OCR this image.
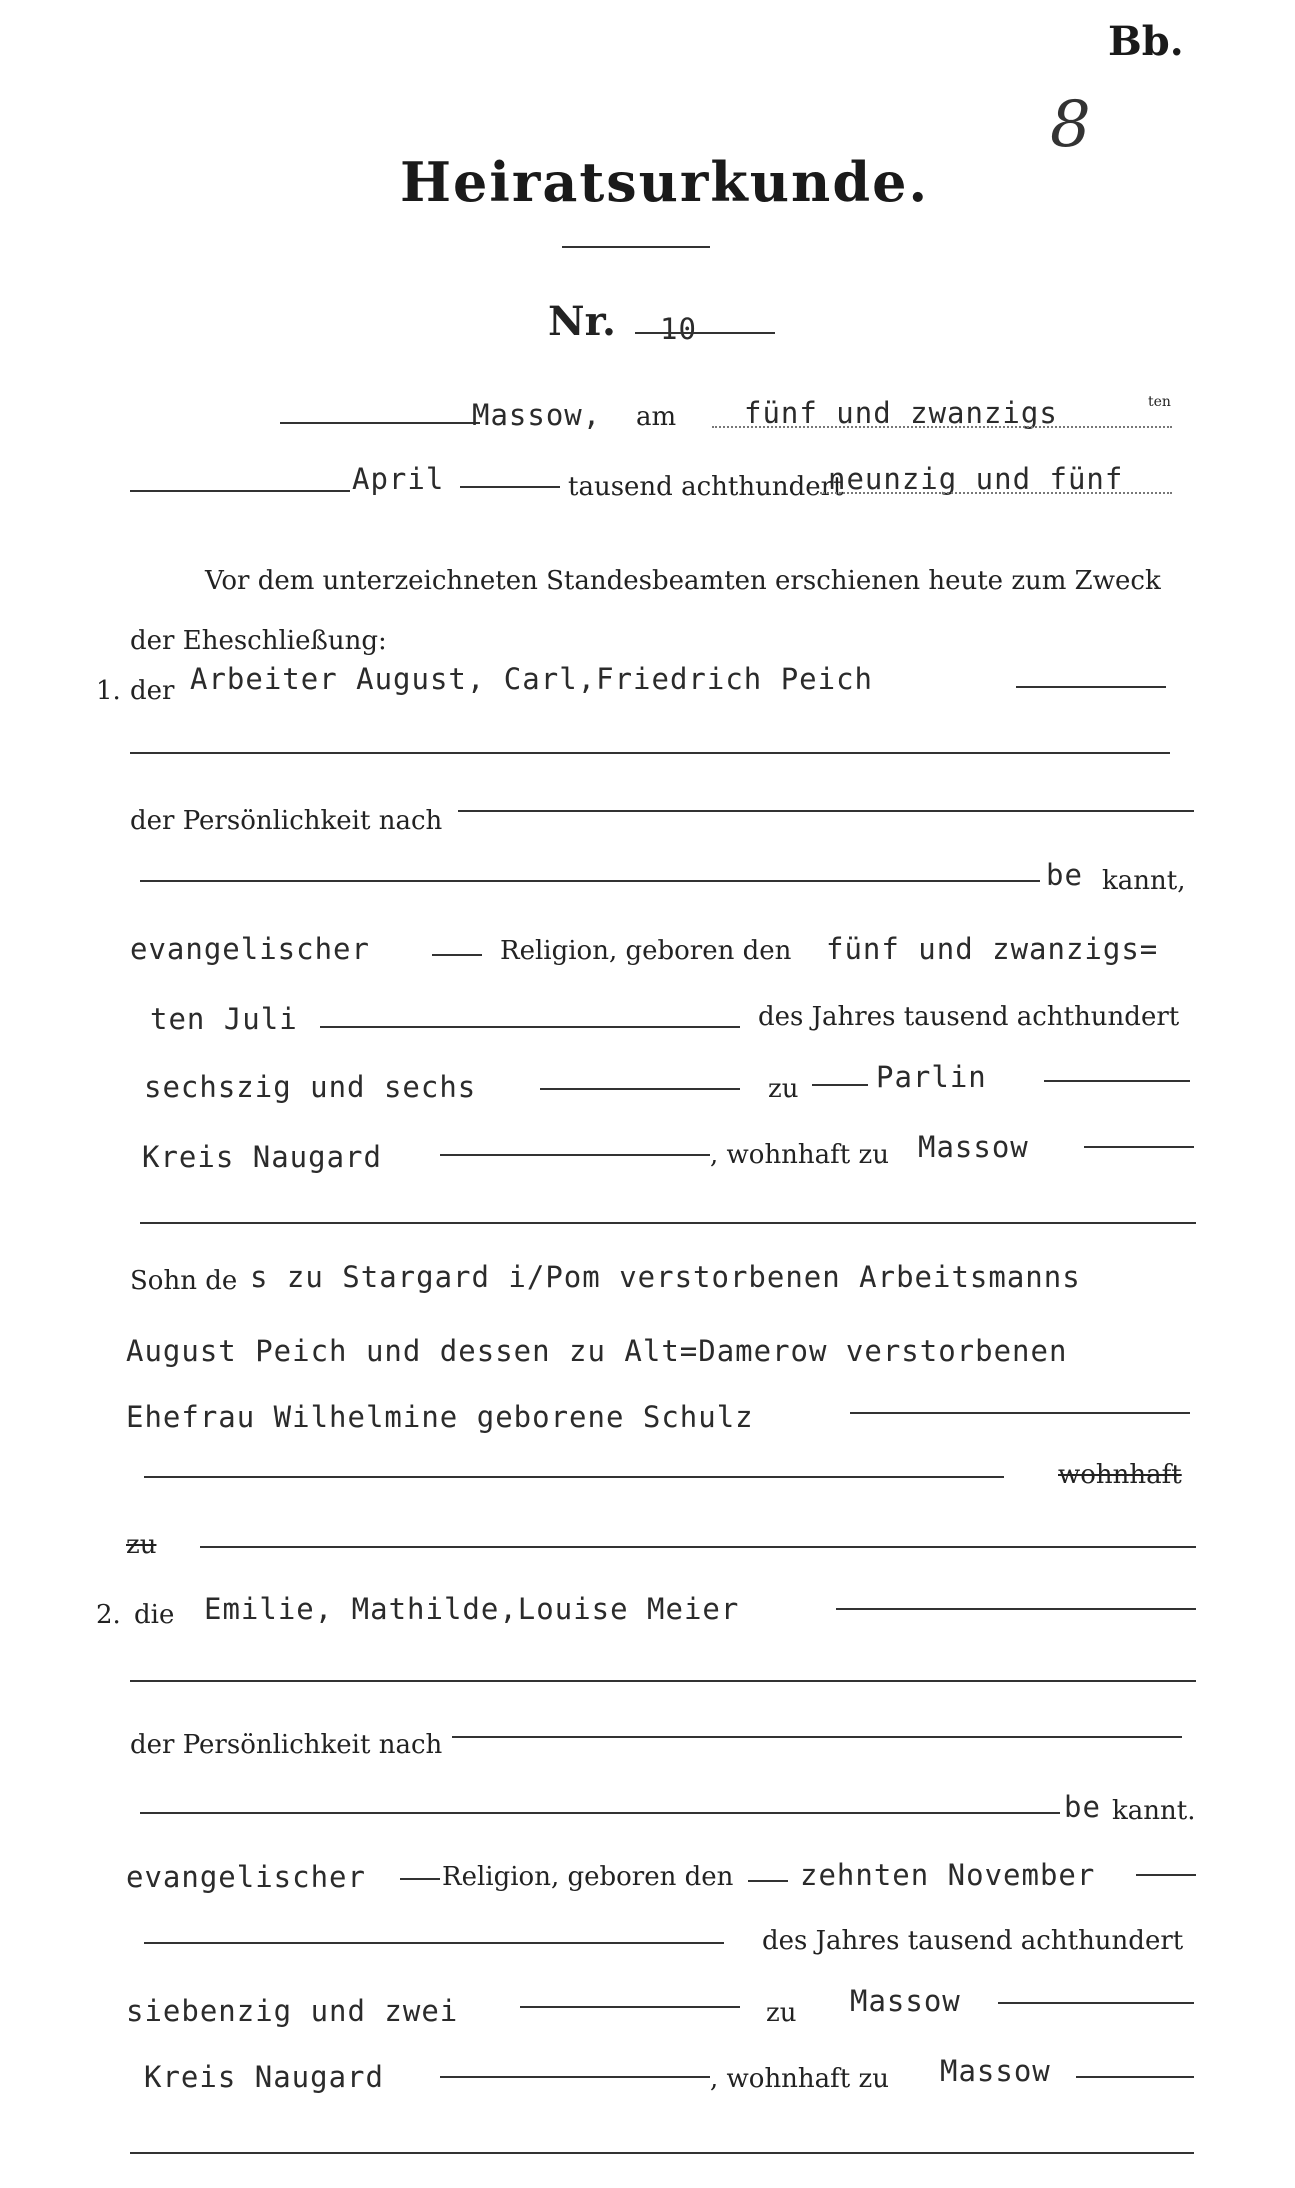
Bb.
8
Heiratsurkunde.
Nr. 10
Massow, am fünf und zwanzigs	ten
April	tausend achthundert
neunzig und fünf
Vor dem unterzeichneten Standesbeamten erschienen heute zum Zweck
der Eheschließung:
1. der Arbeiter August, Carl,Friedrich Peich
der Persönlichkeit nach
be kannt,
evangelischer	Religion, geboren den fünf und zwanzigs=
ten Juli	des Jahres tausend achthundert
sechszig und sechs	zu	Parlin
Kreis Naugard	, wohnhaft zu Massow
Sohn de s zu Stargard i/Pom verstorbenen Arbeitsmanns
August Peich und dessen zu Alt=Damerow verstorbenen
Ehefrau Wilhelmine geborene Schulz
wohnhaft
zu
2. die Emilie, Mathilde,Louise Meier
der Persönlichkeit nach
be kannt.
evangelischer	Religion, geboren den zehnten November
des Jahres tausend achthundert
siebenzig und zwei	zu Massow
Kreis Naugard	, wohnhaft zu Massow
